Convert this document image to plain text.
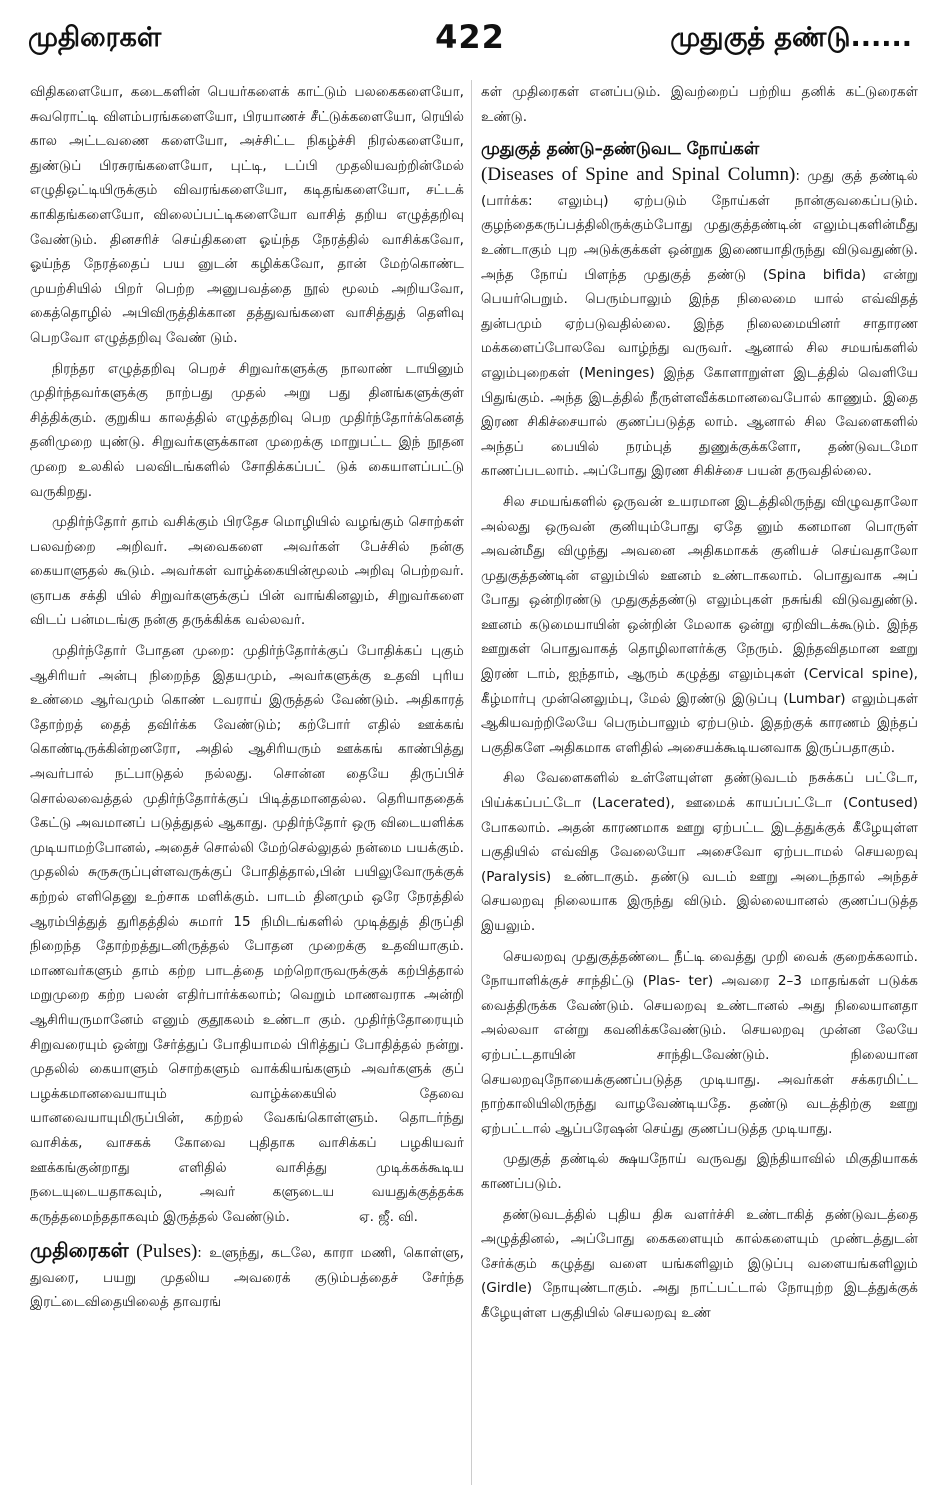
முதிரைகள்	422	முதுகுத் தண்டு......

விதிகளையோ, கடைகளின் பெயர்களைக் காட்டும் பலகைகளையோ, சுவரொட்டி விளம்பரங்களையோ, பிரயாணச் சீட்டுக்களையோ, ரெயில் கால அட்டவணை களையோ, அச்சிட்ட நிகழ்ச்சி நிரல்களையோ, துண்டுப் பிரசுரங்களையோ, புட்டி, டப்பி முதலியவற்றின்மேல் எழுதிஒட்டியிருக்கும் விவரங்களையோ, கடிதங்களையோ, சட்டக் காகிதங்களையோ, விலைப்பட்டிகளையோ வாசித் தறிய எழுத்தறிவு வேண்டும். தினசரிச் செய்திகளை ஓய்ந்த நேரத்தில் வாசிக்கவோ, ஓய்ந்த நேரத்தைப் பய னுடன் கழிக்கவோ, தான் மேற்கொண்ட முயற்சியில் பிறர் பெற்ற அனுபவத்தை நூல் மூலம் அறியவோ, கைத்தொழில் அபிவிருத்திக்கான தத்துவங்களை வாசித்துத் தெளிவு பெறவோ எழுத்தறிவு வேண் டும்.

நிரந்தர எழுத்தறிவு பெறச் சிறுவர்களுக்கு நாலாண் டாயினும் முதிர்ந்தவர்களுக்கு நாற்பது முதல் அறு பது தினங்களுக்குள் சித்திக்கும். குறுகிய காலத்தில் எழுத்தறிவு பெற முதிர்ந்தோர்க்கெனத் தனிமுறை யுண்டு. சிறுவர்களுக்கான முறைக்கு மாறுபட்ட இந் நூதன முறை உலகில் பலவிடங்களில் சோதிக்கப்பட் டுக் கையாளப்பட்டு வருகிறது.

முதிர்ந்தோர் தாம் வசிக்கும் பிரதேச மொழியில் வழங்கும் சொற்கள் பலவற்றை அறிவர். அவைகளை அவர்கள் பேச்சில் நன்கு கையாளுதல் கூடும். அவர்கள் வாழ்க்கையின்மூலம் அறிவு பெற்றவர். ஞாபக சக்தி யில் சிறுவர்களுக்குப் பின் வாங்கினலும், சிறுவர்களை விடப் பன்மடங்கு நன்கு தருக்கிக்க வல்லவர்.

முதிர்ந்தோர் போதன முறை: முதிர்ந்தோர்க்குப் போதிக்கப் புகும் ஆசிரியர் அன்பு நிறைந்த இதயமும், அவர்களுக்கு உதவி புரிய உண்மை ஆர்வமும் கொண் டவராய் இருத்தல் வேண்டும். அதிகாரத் தோற்றத் தைத் தவிர்க்க வேண்டும்; கற்போர் எதில் ஊக்கங் கொண்டிருக்கின்றனரோ, அதில் ஆசிரியரும் ஊக்கங் காண்பித்து அவர்பால் நட்பாடுதல் நல்லது. சொன்ன தையே திருப்பிச் சொல்லவைத்தல் முதிர்ந்தோர்க்குப் பிடித்தமானதல்ல. தெரியாததைக் கேட்டு அவமானப் படுத்துதல் ஆகாது. முதிர்ந்தோர் ஒரு விடையளிக்க முடியாமற்போனல், அதைச் சொல்லி மேற்செல்லுதல் நன்மை பயக்கும். முதலில் சுருசுருப்புள்ளவருக்குப் போதித்தால்,பின் பயிலுவோருக்குக் கற்றல் எளிதெனு உற்சாக மளிக்கும். பாடம் தினமும் ஒரே நேரத்தில் ஆரம்பித்துத் துரிதத்தில் சுமார் 15 நிமிடங்களில் முடித்துத் திருப்தி நிறைந்த தோற்றத்துடனிருத்தல் போதன முறைக்கு உதவியாகும். மாணவர்களும் தாம் கற்ற பாடத்தை மற்றொருவருக்குக் கற்பித்தால் மறுமுறை கற்ற பலன் எதிர்பார்க்கலாம்; வெறும் மாணவராக அன்றி ஆசிரியருமானேம் எனும் குதூகலம் உண்டா கும். முதிர்ந்தோரையும் சிறுவரையும் ஒன்று சேர்த்துப் போதியாமல் பிரித்துப் போதித்தல் நன்று. முதலில் கையாளும் சொற்களும் வாக்கியங்களும் அவர்களுக் குப் பழக்கமானவையாயும் வாழ்க்கையில் தேவை யானவையாயுமிருப்பின், கற்றல் வேகங்கொள்ளும். தொடர்ந்து வாசிக்க, வாசகக் கோவை புதிதாக வாசிக்கப் பழகியவர் ஊக்கங்குன்றாது எளிதில் வாசித்து முடிக்கக்கூடிய நடையுடையதாகவும், அவர் களுடைய வயதுக்குத்தக்க கருத்தமைந்ததாகவும் இருத்தல் வேண்டும்.	ஏ. ஜீ. வி.

முதிரைகள் (Pulses): உளுந்து, கடலே, காரா மணி, கொள்ளு, துவரை, பயறு முதலிய அவரைக் குடும்பத்தைச் சேர்ந்த இரட்டைவிதையிலைத் தாவரங்

கள் முதிரைகள் எனப்படும். இவற்றைப் பற்றிய தனிக் கட்டுரைகள் உண்டு.

முதுகுத் தண்டு–தண்டுவட நோய்கள்

(Diseases of Spine and Spinal Column): முது குத் தண்டில் (பார்க்க: எலும்பு) ஏற்படும் நோய்கள் நான்குவகைப்படும். குழந்தைகருப்பத்திலிருக்கும்போது முதுகுத்தண்டின் எலும்புகளின்மீது உண்டாகும் புற அடுக்குக்கள் ஒன்றுக இணையாதிருந்து விடுவதுண்டு. அந்த நோய் பிளந்த முதுகுத் தண்டு (Spina bifida) என்று பெயர்பெறும். பெரும்பாலும் இந்த நிலைமை யால் எவ்விதத் துன்பமும் ஏற்படுவதில்லை. இந்த நிலைமையினர் சாதாரண மக்களைப்போலவே வாழ்ந்து வருவர். ஆனால் சில சமயங்களில் எலும்புறைகள் (Meninges) இந்த கோளாறுள்ள இடத்தில் வெளியே பிதுங்கும். அந்த இடத்தில் நீருள்ளவீக்கமானவைபோல் காணும். இதை இரண சிகிச்சையால் குணப்படுத்த லாம். ஆனால் சில வேளைகளில் அந்தப் பையில் நரம்புத் துணுக்குக்களோ, தண்டுவடமோ காணப்படலாம். அப்போது இரண சிகிச்சை பயன் தருவதில்லை.

சில சமயங்களில் ஒருவன் உயரமான இடத்திலிருந்து விழுவதாலோ அல்லது ஒருவன் குனியும்போது ஏதே னும் கனமான பொருள் அவன்மீது விழுந்து அவனை அதிகமாகக் குனியச் செய்வதாலோ முதுகுத்தண்டின் எலும்பில் ஊனம் உண்டாகலாம். பொதுவாக அப் போது ஒன்றிரண்டு முதுகுத்தண்டு எலும்புகள் நசுங்கி விடுவதுண்டு. ஊனம் கடுமையாயின் ஒன்றின் மேலாக ஒன்று ஏறிவிடக்கூடும். இந்த ஊறுகள் பொதுவாகத் தொழிலாளர்க்கு நேரும். இந்தவிதமான ஊறு இரண் டாம், ஐந்தாம், ஆரும் கழுத்து எலும்புகள் (Cervical spine), கீழ்மார்பு முன்னெலும்பு, மேல் இரண்டு இடுப்பு (Lumbar) எலும்புகள் ஆகியவற்றிலேயே பெரும்பாலும் ஏற்படும். இதற்குக் காரணம் இந்தப் பகுதிகளே அதிகமாக எளிதில் அசையக்கூடியனவாக இருப்பதாகும்.

சில வேளைகளில் உள்ளேயுள்ள தண்டுவடம் நசுக்கப் பட்டோ, பிய்க்கப்பட்டோ (Lacerated), ஊமைக் காயப்பட்டோ (Contused) போகலாம். அதன் காரணமாக ஊறு ஏற்பட்ட இடத்துக்குக் கீழேயுள்ள பகுதியில் எவ்வித வேலையோ அசைவோ ஏற்படாமல் செயலறவு (Paralysis) உண்டாகும். தண்டு வடம் ஊறு அடைந்தால் அந்தச் செயலறவு நிலையாக இருந்து விடும். இல்லையானல் குணப்படுத்த இயலும்.

செயலறவு முதுகுத்தண்டை நீட்டி வைத்து முறி வைக் குறைக்கலாம். நோயாளிக்குச் சாந்திட்டு (Plas- ter) அவரை 2–3 மாதங்கள் படுக்க வைத்திருக்க வேண்டும். செயலறவு உண்டானல் அது நிலையானதா அல்லவா என்று கவனிக்கவேண்டும். செயலறவு முன்ன லேயே ஏற்பட்டதாயின் சாந்திடவேண்டும். நிலையான செயலறவுநோயைக்குணப்படுத்த முடியாது. அவர்கள் சக்கரமிட்ட நாற்காலியிலிருந்து வாழவேண்டியதே. தண்டு வடத்திற்கு ஊறு ஏற்பட்டால் ஆப்பரேஷன் செய்து குணப்படுத்த முடியாது.

முதுகுத் தண்டில் க்ஷயநோய் வருவது இந்தியாவில் மிகுதியாகக் காணப்படும்.

தண்டுவடத்தில் புதிய திசு வளர்ச்சி உண்டாகித் தண்டுவடத்தை அழுத்தினல், அப்போது கைகளையும் கால்களையும் முண்டத்துடன் சேர்க்கும் கழுத்து வளை யங்களிலும் இடுப்பு வளையங்களிலும் (Girdle) நோயுண்டாகும். அது நாட்பட்டால் நோயுற்ற இடத்துக்குக் கீழேயுள்ள பகுதியில் செயலறவு உண்
